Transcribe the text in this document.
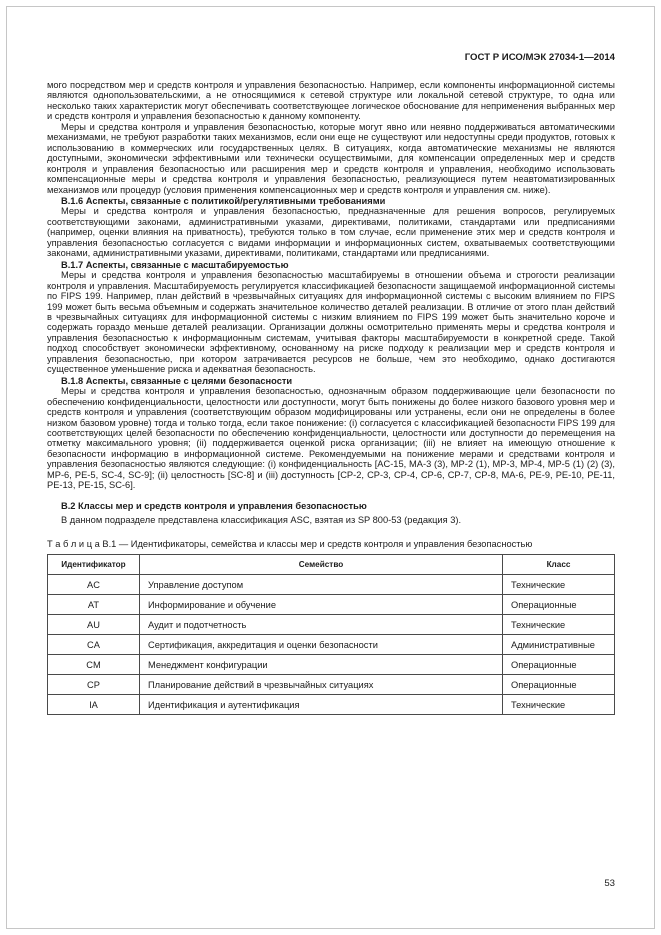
ГОСТ Р ИСО/МЭК 27034-1—2014

мого посредством мер и средств контроля и управления безопасностью. Например, если компоненты информационной системы являются однопользовательскими, а не относящимися к сетевой структуре или локальной сетевой структуре, то одна или несколько таких характеристик могут обеспечивать соответствующее логическое обоснование для неприменения выбранных мер и средств контроля и управления безопасностью к данному компоненту.

Меры и средства контроля и управления безопасностью, которые могут явно или неявно поддерживаться автоматическими механизмами, не требуют разработки таких механизмов, если они еще не существуют или недоступны среди продуктов, готовых к использованию в коммерческих или государственных целях. В ситуациях, когда автоматические механизмы не являются доступными, экономически эффективными или технически осуществимыми, для компенсации определенных мер и средств контроля и управления безопасностью или расширения мер и средств контроля и управления, необходимо использовать компенсационные меры и средства контроля и управления безопасностью, реализующиеся путем неавтоматизированных механизмов или процедур (условия применения компенсационных мер и средств контроля и управления см. ниже).

В.1.6 Аспекты, связанные с политикой/регулятивными требованиями

Меры и средства контроля и управления безопасностью, предназначенные для решения вопросов, регулируемых соответствующими законами, административными указами, директивами, политиками, стандартами или предписаниями (например, оценки влияния на приватность), требуются только в том случае, если применение этих мер и средств контроля и управления безопасностью согласуется с видами информации и информационных систем, охватываемых соответствующими законами, административными указами, директивами, политиками, стандартами или предписаниями.

В.1.7 Аспекты, связанные с масштабируемостью

Меры и средства контроля и управления безопасностью масштабируемы в отношении объема и строгости реализации контроля и управления. Масштабируемость регулируется классификацией безопасности защищаемой информационной системы по FIPS 199. Например, план действий в чрезвычайных ситуациях для информационной системы с высоким влиянием по FIPS 199 может быть весьма объемным и содержать значительное количество деталей реализации. В отличие от этого план действий в чрезвычайных ситуациях для информационной системы с низким влиянием по FIPS 199 может быть значительно короче и содержать гораздо меньше деталей реализации. Организации должны осмотрительно применять меры и средства контроля и управления безопасностью к информационным системам, учитывая факторы масштабируемости в конкретной среде. Такой подход способствует экономически эффективному, основанному на риске подходу к реализации мер и средств контроля и управления безопасностью, при котором затрачивается ресурсов не больше, чем это необходимо, однако достигаются существенное уменьшение риска и адекватная безопасность.

В.1.8 Аспекты, связанные с целями безопасности

Меры и средства контроля и управления безопасностью, однозначным образом поддерживающие цели безопасности по обеспечению конфиденциальности, целостности или доступности, могут быть понижены до более низкого базового уровня мер и средств контроля и управления (соответствующим образом модифицированы или устранены, если они не определены в более низком базовом уровне) тогда и только тогда, если такое понижение: (i) согласуется с классификацией безопасности FIPS 199 для соответствующих целей безопасности по обеспечению конфиденциальности, целостности или доступности до перемещения на отметку максимального уровня; (ii) поддерживается оценкой риска организации; (iii) не влияет на имеющую отношение к безопасности информацию в информационной системе. Рекомендуемыми на понижение мерами и средствами контроля и управления безопасностью являются следующие: (i) конфиденциальность [AC-15, MA-3 (3), MP-2 (1), MP-3, MP-4, MP-5 (1) (2) (3), MP-6, PE-5, SC-4, SC-9]; (ii) целостность [SC-8] и (iii) доступность [CP-2, CP-3, CP-4, CP-6, CP-7, CP-8, MA-6, PE-9, PE-10, PE-11, PE-13, PE-15, SC-6].

В.2 Классы мер и средств контроля и управления безопасностью

В данном подразделе представлена классификация ASC, взятая из SP 800-53 (редакция 3).

Т а б л и ц а В.1 — Идентификаторы, семейства и классы мер и средств контроля и управления безопасностью

Идентификатор	Семейство	Класс
AC	Управление доступом	Технические
AT	Информирование и обучение	Операционные
AU	Аудит и подотчетность	Технические
CA	Сертификация, аккредитация и оценки безопасности	Административные
CM	Менеджмент конфигурации	Операционные
CP	Планирование действий в чрезвычайных ситуациях	Операционные
IA	Идентификация и аутентификация	Технические
53
